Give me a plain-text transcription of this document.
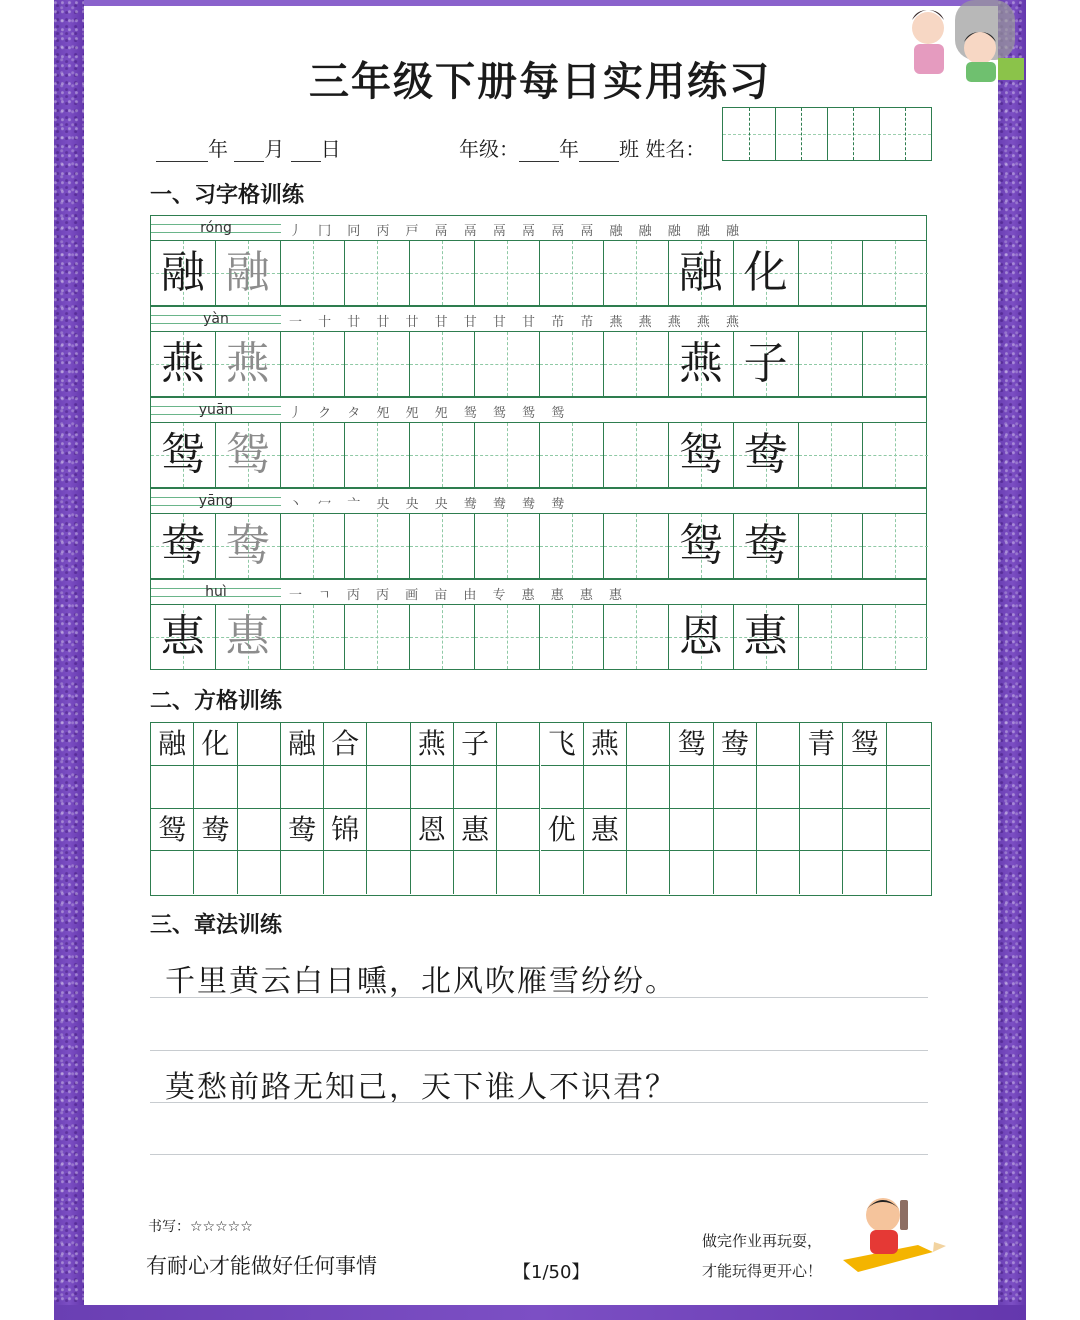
三年级下册每日实用练习
年 月 日	年级： 年 班 姓名：
一、习字格训练
róng	丿 冂 冋 丙 戸 鬲 鬲 鬲 鬲 鬲 鬲 融 融 融 融 融
融 融	融 化
yàn	一 十 廿 廿 廿 甘 甘 甘 甘 芇 芇 燕 燕 燕 燕 燕
燕 燕	燕 子
yuān	丿 ク タ 夗 夗 夗 鸳 鸳 鸳 鸳
鸳 鸳	鸳 鸯
yāng	丶 冖 亠 央 央 央 鸯 鸯 鸯 鸯
鸯 鸯	鸳 鸯
huì	一 ㄱ 丙 丙 画 亩 由 专 惠 惠 惠 惠
惠 惠	恩 惠
二、方格训练
融 化 融 合 燕 子 飞 燕 鸳 鸯 青 鸳
鸳 鸯 鸯 锦 恩 惠 优 惠
三、章法训练
千里黄云白日曛，北风吹雁雪纷纷。
莫愁前路无知己，天下谁人不识君？
书写：☆☆☆☆☆
有耐心才能做好任何事情	【1/50】
做完作业再玩耍，
才能玩得更开心！
